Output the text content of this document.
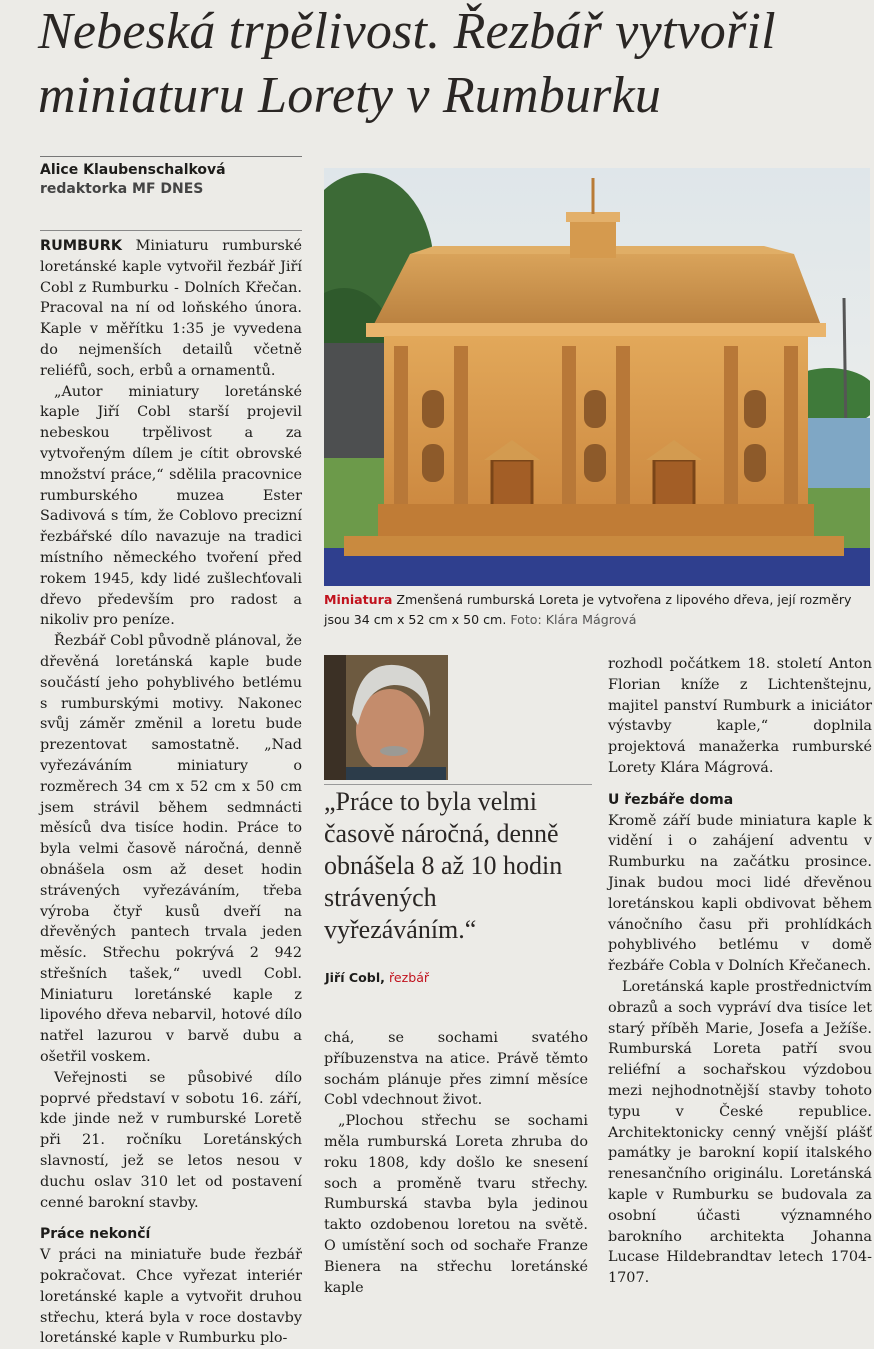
Nebeská trpělivost. Řezbář vytvořil miniaturu Lorety v Rumburku
Alice Klaubenschalková
redaktorka MF DNES

RUMBURK Miniaturu rumburské loretánské kaple vytvořil řezbář Jiří Cobl z Rumburku - Dolních Křečan. Pracoval na ní od loňského února. Kaple v měřítku 1:35 je vyvedena do nejmenších detailů včetně reliéfů, soch, erbů a ornamentů.

„Autor miniatury loretánské kaple Jiří Cobl starší projevil nebeskou trpělivost a za vytvořeným dílem je cítit obrovské množství práce,“ sdělila pracovnice rumburského muzea Ester Sadivová s tím, že Coblovo precizní řezbářské dílo navazuje na tradici místního německého tvoření před rokem 1945, kdy lidé zušlechťovali dřevo především pro radost a nikoliv pro peníze.

Řezbář Cobl původně plánoval, že dřevěná loretánská kaple bude součástí jeho pohyblivého betlému s rumburskými motivy. Nakonec svůj záměr změnil a loretu bude prezentovat samostatně. „Nad vyřezáváním miniatury o rozměrech 34 cm x 52 cm x 50 cm jsem strávil během sedmnácti měsíců dva tisíce hodin. Práce to byla velmi časově náročná, denně obnášela osm až deset hodin strávených vyřezáváním, třeba výroba čtyř kusů dveří na dřevěných pantech trvala jeden měsíc. Střechu pokrývá 2 942 střešních tašek,“ uvedl Cobl. Miniaturu loretánské kaple z lipového dřeva nebarvil, hotové dílo natřel lazurou v barvě dubu a ošetřil voskem.

Veřejnosti se působivé dílo poprvé představí v sobotu 16. září, kde jinde než v rumburské Loretě při 21. ročníku Loretánských slavností, jež se letos nesou v duchu oslav 310 let od postavení cenné barokní stavby.

Práce nekončí

V práci na miniatuře bude řezbář pokračovat. Chce vyřezat interiér loretánské kaple a vytvořit druhou střechu, která byla v roce dostavby loretánské kaple v Rumburku plo-

Miniatura Zmenšená rumburská Loreta je vytvořena z lipového dřeva, její rozměry jsou 34 cm x 52 cm x 50 cm. Foto: Klára Mágrová
„Práce to byla velmi časově náročná, denně obnášela 8 až 10 hodin strávených vyřezáváním.“
Jiří Cobl, řezbář

chá, se sochami svatého příbuzenstva na atice. Právě těmto sochám plánuje přes zimní měsíce Cobl vdechnout život.

„Plochou střechu se sochami měla rumburská Loreta zhruba do roku 1808, kdy došlo ke snesení soch a proměně tvaru střechy. Rumburská stavba byla jedinou takto ozdobenou loretou na světě. O umístění soch od sochaře Franze Bienera na střechu loretánské kaple

rozhodl počátkem 18. století Anton Florian kníže z Lichtenštejnu, majitel panství Rumburk a iniciátor výstavby kaple,“ doplnila projektová manažerka rumburské Lorety Klára Mágrová.

U řezbáře doma

Kromě září bude miniatura kaple k vidění i o zahájení adventu v Rumburku na začátku prosince. Jinak budou moci lidé dřevěnou loretánskou kapli obdivovat během vánočního času při prohlídkách pohyblivého betlému v domě řezbáře Cobla v Dolních Křečanech.

Loretánská kaple prostřednictvím obrazů a soch vypráví dva tisíce let starý příběh Marie, Josefa a Ježíše. Rumburská Loreta patří svou reliéfní a sochařskou výzdobou mezi nejhodnotnější stavby tohoto typu v České republice. Architektonicky cenný vnější plášť památky je barokní kopií italského renesančního originálu. Loretánská kaple v Rumburku se budovala za osobní účasti významného barokního architekta Johanna Lucase Hildebrandtav letech 1704-1707.
